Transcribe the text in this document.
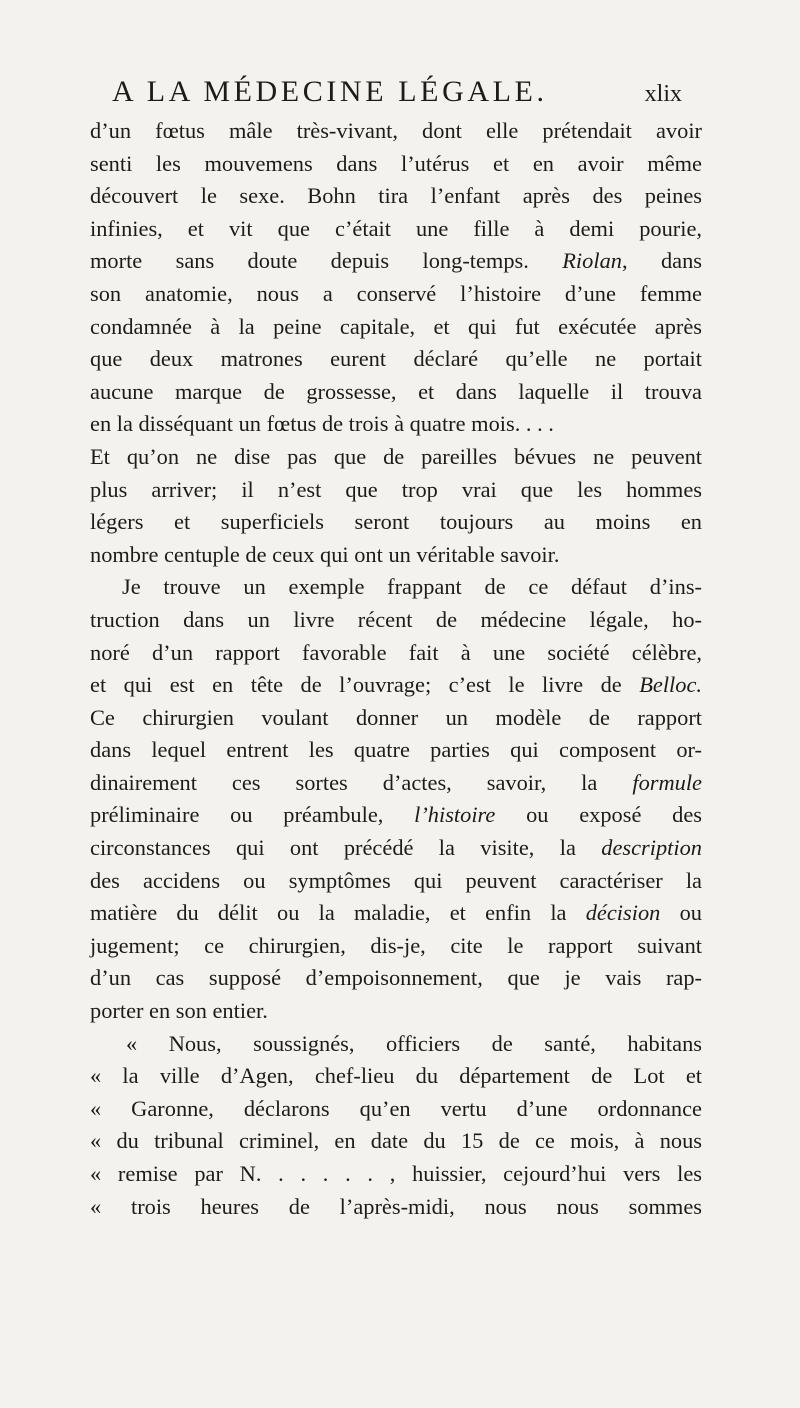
A LA MÉDECINE LÉGALE.	xlix
d’un fœtus mâle très-vivant, dont elle prétendait avoir
senti les mouvemens dans l’utérus et en avoir même
découvert le sexe. Bohn tira l’enfant après des peines
infinies, et vit que c’était une fille à demi pourie,
morte sans doute depuis long-temps. Riolan, dans
son anatomie, nous a conservé l’histoire d’une femme
condamnée à la peine capitale, et qui fut exécutée après
que deux matrones eurent déclaré qu’elle ne portait
aucune marque de grossesse, et dans laquelle il trouva
en la disséquant un fœtus de trois à quatre mois. . . .
Et qu’on ne dise pas que de pareilles bévues ne peuvent
plus arriver; il n’est que trop vrai que les hommes
légers et superficiels seront toujours au moins en
nombre centuple de ceux qui ont un véritable savoir.
Je trouve un exemple frappant de ce défaut d’ins-
truction dans un livre récent de médecine légale, ho-
noré d’un rapport favorable fait à une société célèbre,
et qui est en tête de l’ouvrage; c’est le livre de Belloc.
Ce chirurgien voulant donner un modèle de rapport
dans lequel entrent les quatre parties qui composent or-
dinairement ces sortes d’actes, savoir, la formule
préliminaire ou préambule, l’histoire ou exposé des
circonstances qui ont précédé la visite, la description
des accidens ou symptômes qui peuvent caractériser la
matière du délit ou la maladie, et enfin la décision ou
jugement; ce chirurgien, dis-je, cite le rapport suivant
d’un cas supposé d’empoisonnement, que je vais rap-
porter en son entier.
« Nous, soussignés, officiers de santé, habitans
« la ville d’Agen, chef-lieu du département de Lot et
« Garonne, déclarons qu’en vertu d’une ordonnance
« du tribunal criminel, en date du 15 de ce mois, à nous
« remise par N. . . . . . , huissier, cejourd’hui vers les
« trois heures de l’après-midi, nous nous sommes
